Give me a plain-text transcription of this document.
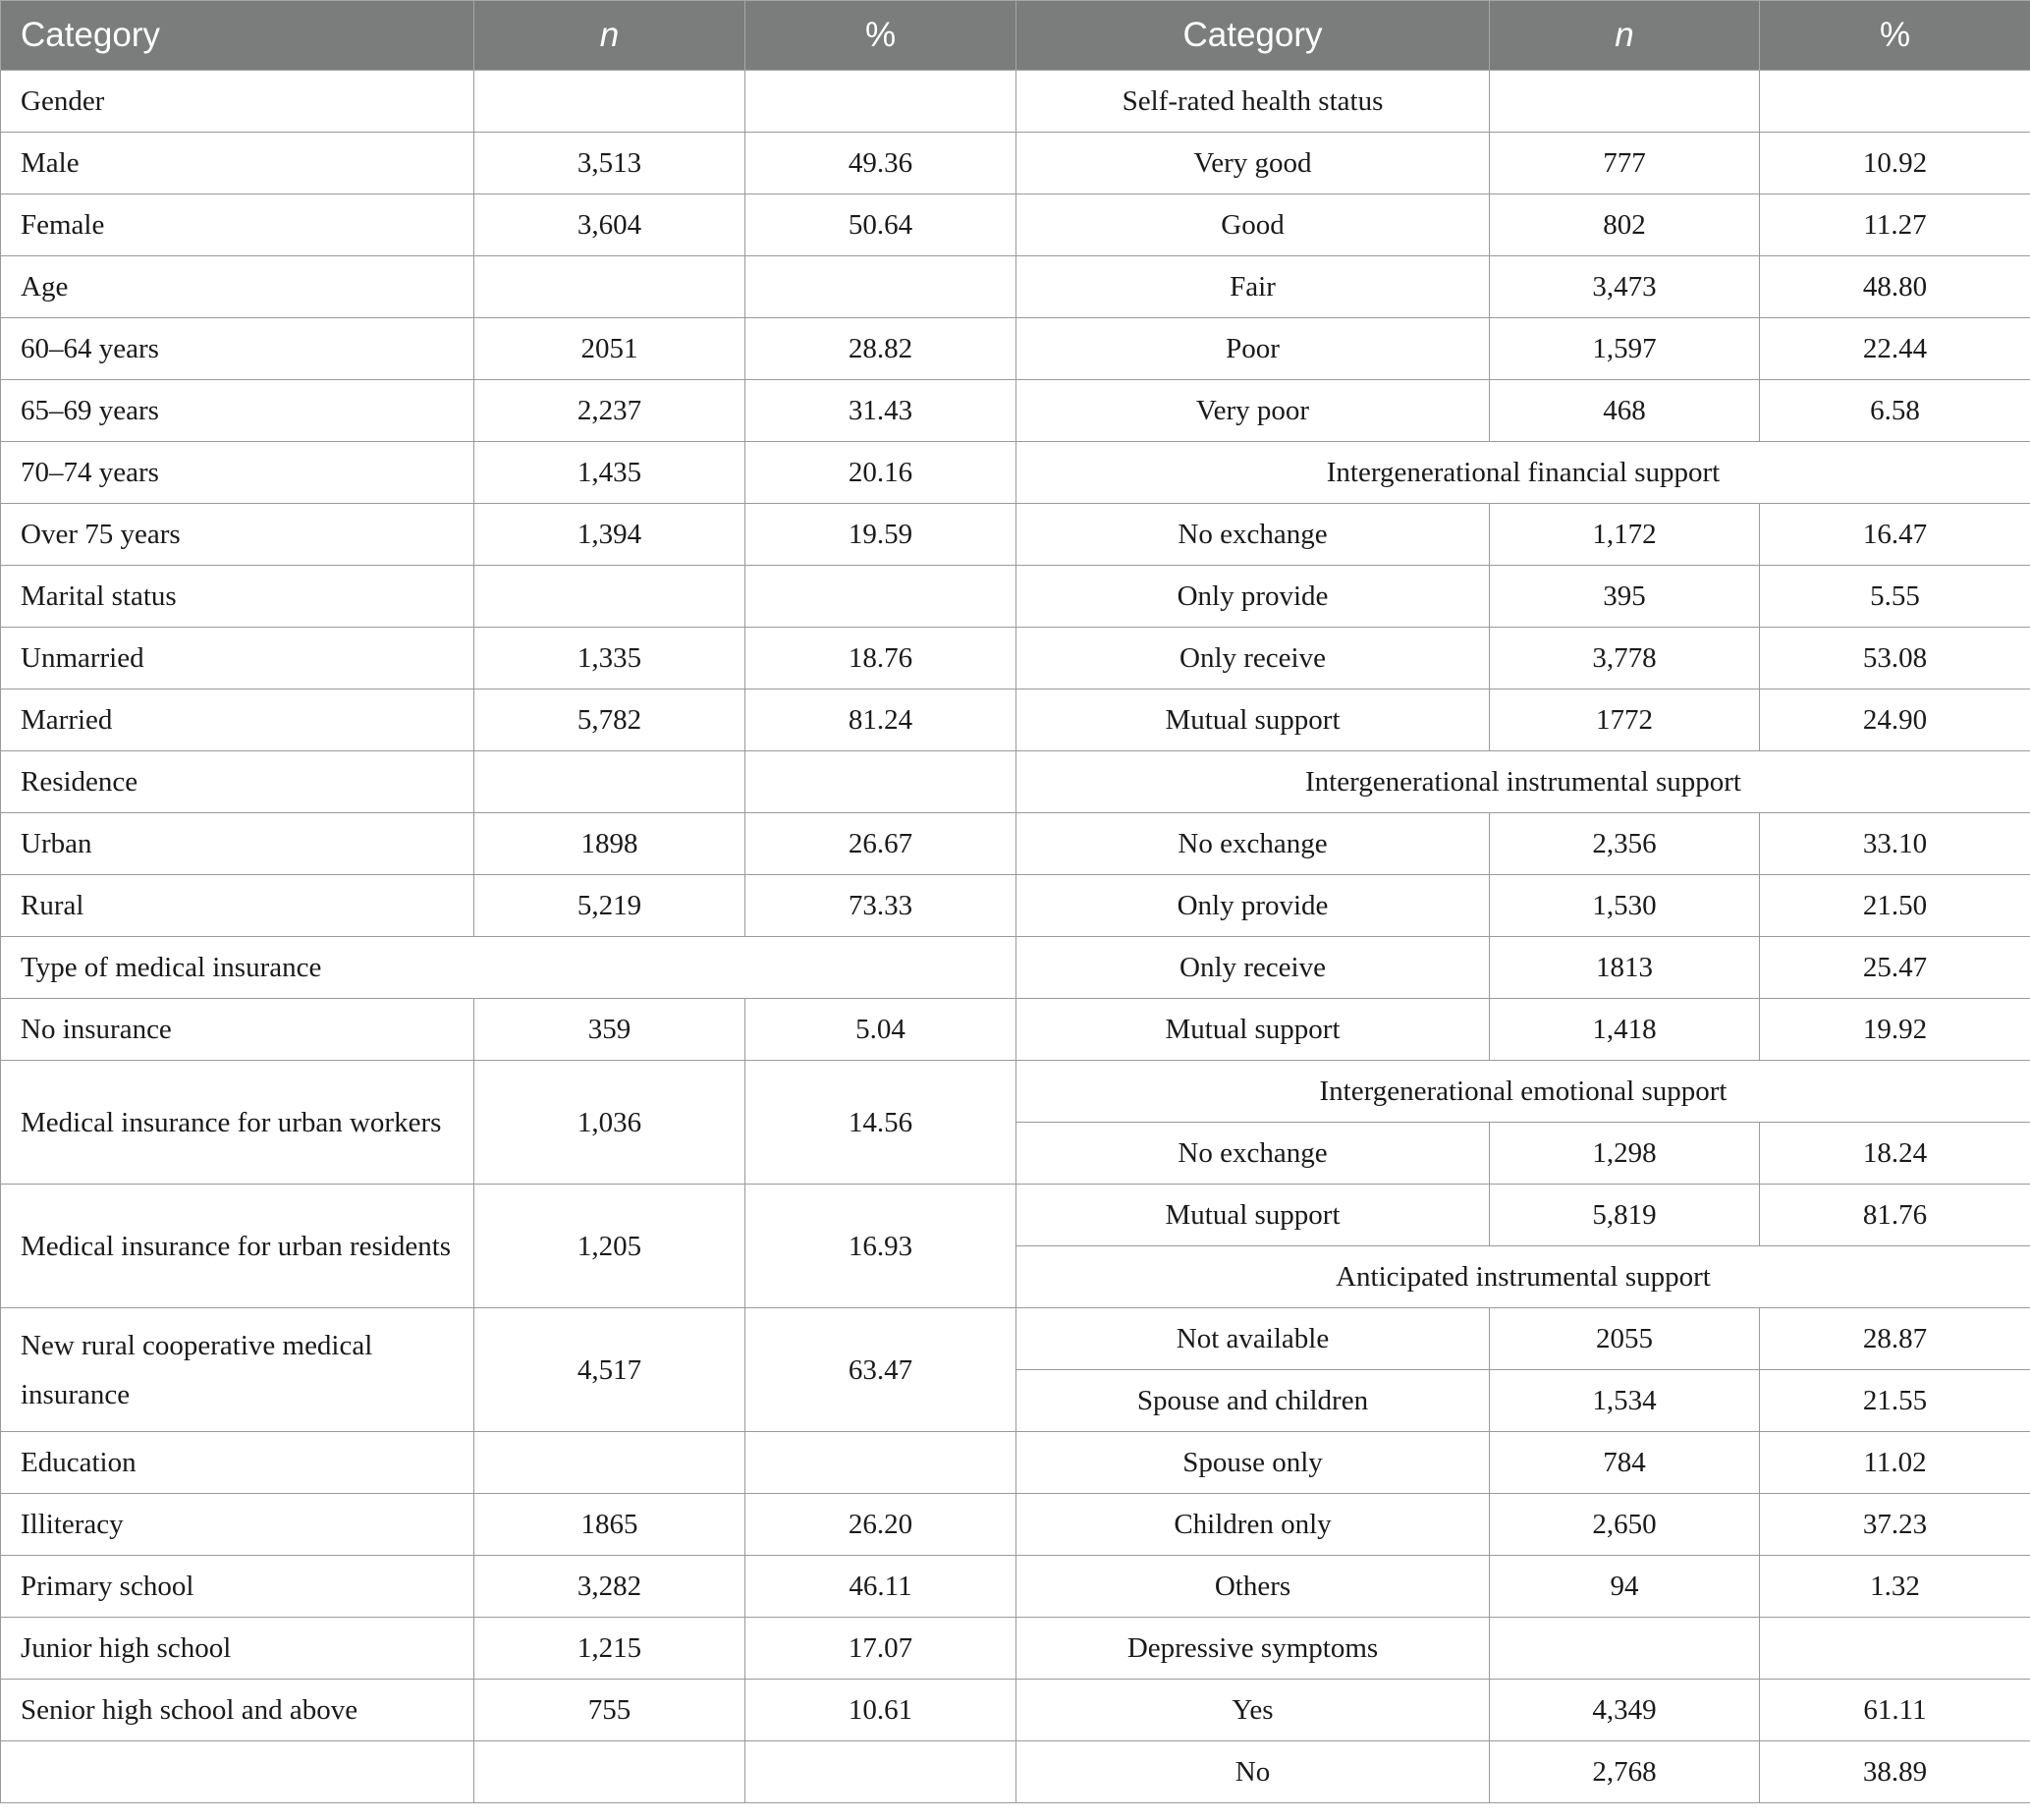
Category	n	%	Category	n	%
Gender			Self-rated health status		
Male	3,513	49.36	Very good	777	10.92
Female	3,604	50.64	Good	802	11.27
Age			Fair	3,473	48.80
60–64 years	2051	28.82	Poor	1,597	22.44
65–69 years	2,237	31.43	Very poor	468	6.58
70–74 years	1,435	20.16	Intergenerational financial support		
Over 75 years	1,394	19.59	No exchange	1,172	16.47
Marital status			Only provide	395	5.55
Unmarried	1,335	18.76	Only receive	3,778	53.08
Married	5,782	81.24	Mutual support	1772	24.90
Residence			Intergenerational instrumental support		
Urban	1898	26.67	No exchange	2,356	33.10
Rural	5,219	73.33	Only provide	1,530	21.50
Type of medical insurance			Only receive	1813	25.47
No insurance	359	5.04	Mutual support	1,418	19.92
Medical insurance for urban workers	1,036	14.56	Intergenerational emotional support		
			No exchange	1,298	18.24
Medical insurance for urban residents	1,205	16.93	Mutual support	5,819	81.76
			Anticipated instrumental support		
New rural cooperative medical insurance	4,517	63.47	Not available	2055	28.87
			Spouse and children	1,534	21.55
Education			Spouse only	784	11.02
Illiteracy	1865	26.20	Children only	2,650	37.23
Primary school	3,282	46.11	Others	94	1.32
Junior high school	1,215	17.07	Depressive symptoms		
Senior high school and above	755	10.61	Yes	4,349	61.11
			No	2,768	38.89
